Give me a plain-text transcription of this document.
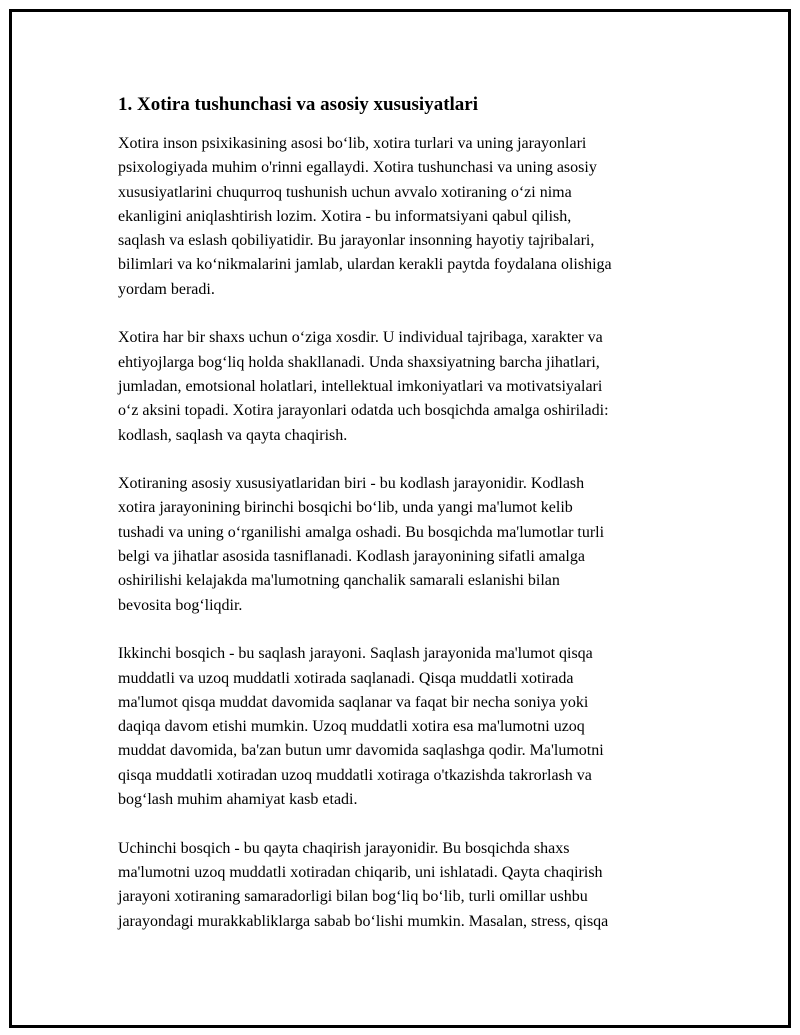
1. Xotira tushunchasi va asosiy xususiyatlari
Xotira inson psixikasining asosi bo‘lib, xotira turlari va uning jarayonlari
psixologiyada muhim o'rinni egallaydi. Xotira tushunchasi va uning asosiy
xususiyatlarini chuqurroq tushunish uchun avvalo xotiraning o‘zi nima
ekanligini aniqlashtirish lozim. Xotira - bu informatsiyani qabul qilish,
saqlash va eslash qobiliyatidir. Bu jarayonlar insonning hayotiy tajribalari,
bilimlari va ko‘nikmalarini jamlab, ulardan kerakli paytda foydalana olishiga
yordam beradi.
Xotira har bir shaxs uchun o‘ziga xosdir. U individual tajribaga, xarakter va
ehtiyojlarga bog‘liq holda shakllanadi. Unda shaxsiyatning barcha jihatlari,
jumladan, emotsional holatlari, intellektual imkoniyatlari va motivatsiyalari
o‘z aksini topadi. Xotira jarayonlari odatda uch bosqichda amalga oshiriladi:
kodlash, saqlash va qayta chaqirish.
Xotiraning asosiy xususiyatlaridan biri - bu kodlash jarayonidir. Kodlash
xotira jarayonining birinchi bosqichi bo‘lib, unda yangi ma'lumot kelib
tushadi va uning o‘rganilishi amalga oshadi. Bu bosqichda ma'lumotlar turli
belgi va jihatlar asosida tasniflanadi. Kodlash jarayonining sifatli amalga
oshirilishi kelajakda ma'lumotning qanchalik samarali eslanishi bilan
bevosita bog‘liqdir.
Ikkinchi bosqich - bu saqlash jarayoni. Saqlash jarayonida ma'lumot qisqa
muddatli va uzoq muddatli xotirada saqlanadi. Qisqa muddatli xotirada
ma'lumot qisqa muddat davomida saqlanar va faqat bir necha soniya yoki
daqiqa davom etishi mumkin. Uzoq muddatli xotira esa ma'lumotni uzoq
muddat davomida, ba'zan butun umr davomida saqlashga qodir. Ma'lumotni
qisqa muddatli xotiradan uzoq muddatli xotiraga o'tkazishda takrorlash va
bog‘lash muhim ahamiyat kasb etadi.
Uchinchi bosqich - bu qayta chaqirish jarayonidir. Bu bosqichda shaxs
ma'lumotni uzoq muddatli xotiradan chiqarib, uni ishlatadi. Qayta chaqirish
jarayoni xotiraning samaradorligi bilan bog‘liq bo‘lib, turli omillar ushbu
jarayondagi murakkabliklarga sabab bo‘lishi mumkin. Masalan, stress, qisqa
